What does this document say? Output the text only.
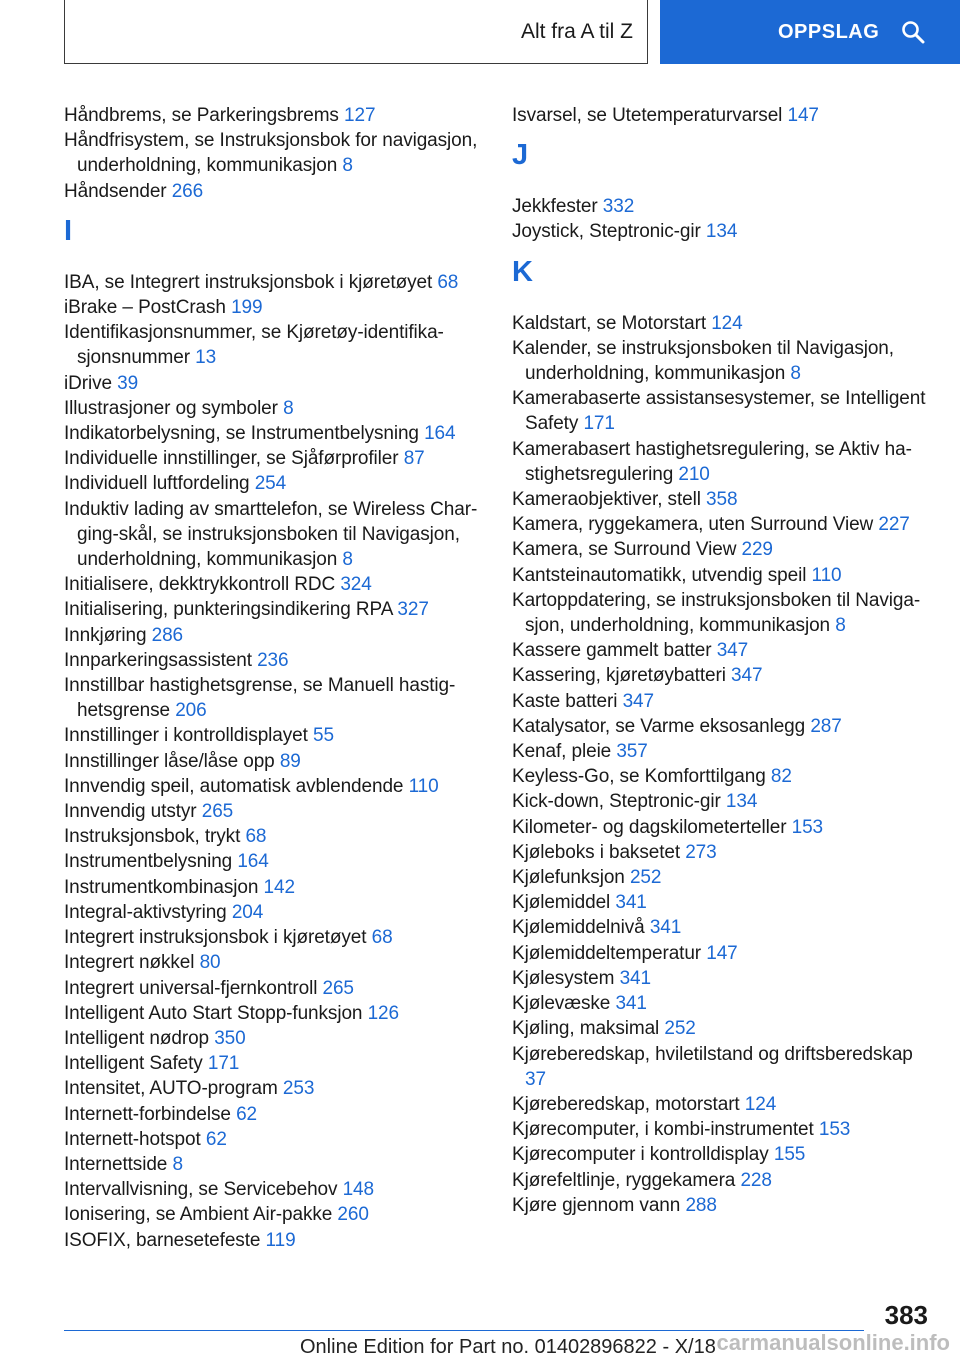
Alt fra A til Z	OPPSLAG
Håndbrems, se Parkeringsbrems 127
Håndfrisystem, se Instruksjonsbok for navigasjon, underholdning, kommunikasjon 8
Håndsender 266
I
IBA, se Integrert instruksjonsbok i kjøretøyet 68
iBrake – PostCrash 199
Identifikasjonsnummer, se Kjøretøy-identifikasjonsnummer 13
iDrive 39
Illustrasjoner og symboler 8
Indikatorbelysning, se Instrumentbelysning 164
Individuelle innstillinger, se Sjåførprofiler 87
Individuell luftfordeling 254
Induktiv lading av smarttelefon, se Wireless Charging-skål, se instruksjonsboken til Navigasjon, underholdning, kommunikasjon 8
Initialisere, dekktrykkontroll RDC 324
Initialisering, punkteringsindikering RPA 327
Innkjøring 286
Innparkeringsassistent 236
Innstillbar hastighetsgrense, se Manuell hastighetsgrense 206
Innstillinger i kontrolldisplayet 55
Innstillinger låse/låse opp 89
Innvendig speil, automatisk avblendende 110
Innvendig utstyr 265
Instruksjonsbok, trykt 68
Instrumentbelysning 164
Instrumentkombinasjon 142
Integral-aktivstyring 204
Integrert instruksjonsbok i kjøretøyet 68
Integrert nøkkel 80
Integrert universal-fjernkontroll 265
Intelligent Auto Start Stopp-funksjon 126
Intelligent nødrop 350
Intelligent Safety 171
Intensitet, AUTO-program 253
Internett-forbindelse 62
Internett-hotspot 62
Internettside 8
Intervallvisning, se Servicebehov 148
Ionisering, se Ambient Air-pakke 260
ISOFIX, barnesetefeste 119
Isvarsel, se Utetemperaturvarsel 147
J
Jekkfester 332
Joystick, Steptronic-gir 134
K
Kaldstart, se Motorstart 124
Kalender, se instruksjonsboken til Navigasjon, underholdning, kommunikasjon 8
Kamerabaserte assistansesystemer, se Intelligent Safety 171
Kamerabasert hastighetsregulering, se Aktiv hastighetsregulering 210
Kameraobjektiver, stell 358
Kamera, ryggekamera, uten Surround View 227
Kamera, se Surround View 229
Kantsteinautomatikk, utvendig speil 110
Kartoppdatering, se instruksjonsboken til Navigasjon, underholdning, kommunikasjon 8
Kassere gammelt batter 347
Kassering, kjøretøybatteri 347
Kaste batteri 347
Katalysator, se Varme eksosanlegg 287
Kenaf, pleie 357
Keyless-Go, se Komforttilgang 82
Kick-down, Steptronic-gir 134
Kilometer- og dagskilometerteller 153
Kjøleboks i baksetet 273
Kjølefunksjon 252
Kjølemiddel 341
Kjølemiddelnivå 341
Kjølemiddeltemperatur 147
Kjølesystem 341
Kjølevæske 341
Kjøling, maksimal 252
Kjøreberedskap, hviletilstand og driftsberedskap 37
Kjøreberedskap, motorstart 124
Kjørecomputer, i kombi-instrumentet 153
Kjørecomputer i kontrolldisplay 155
Kjørefeltlinje, ryggekamera 228
Kjøre gjennom vann 288
383
Online Edition for Part no. 01402896822 - X/18 carmanualsonline.info
